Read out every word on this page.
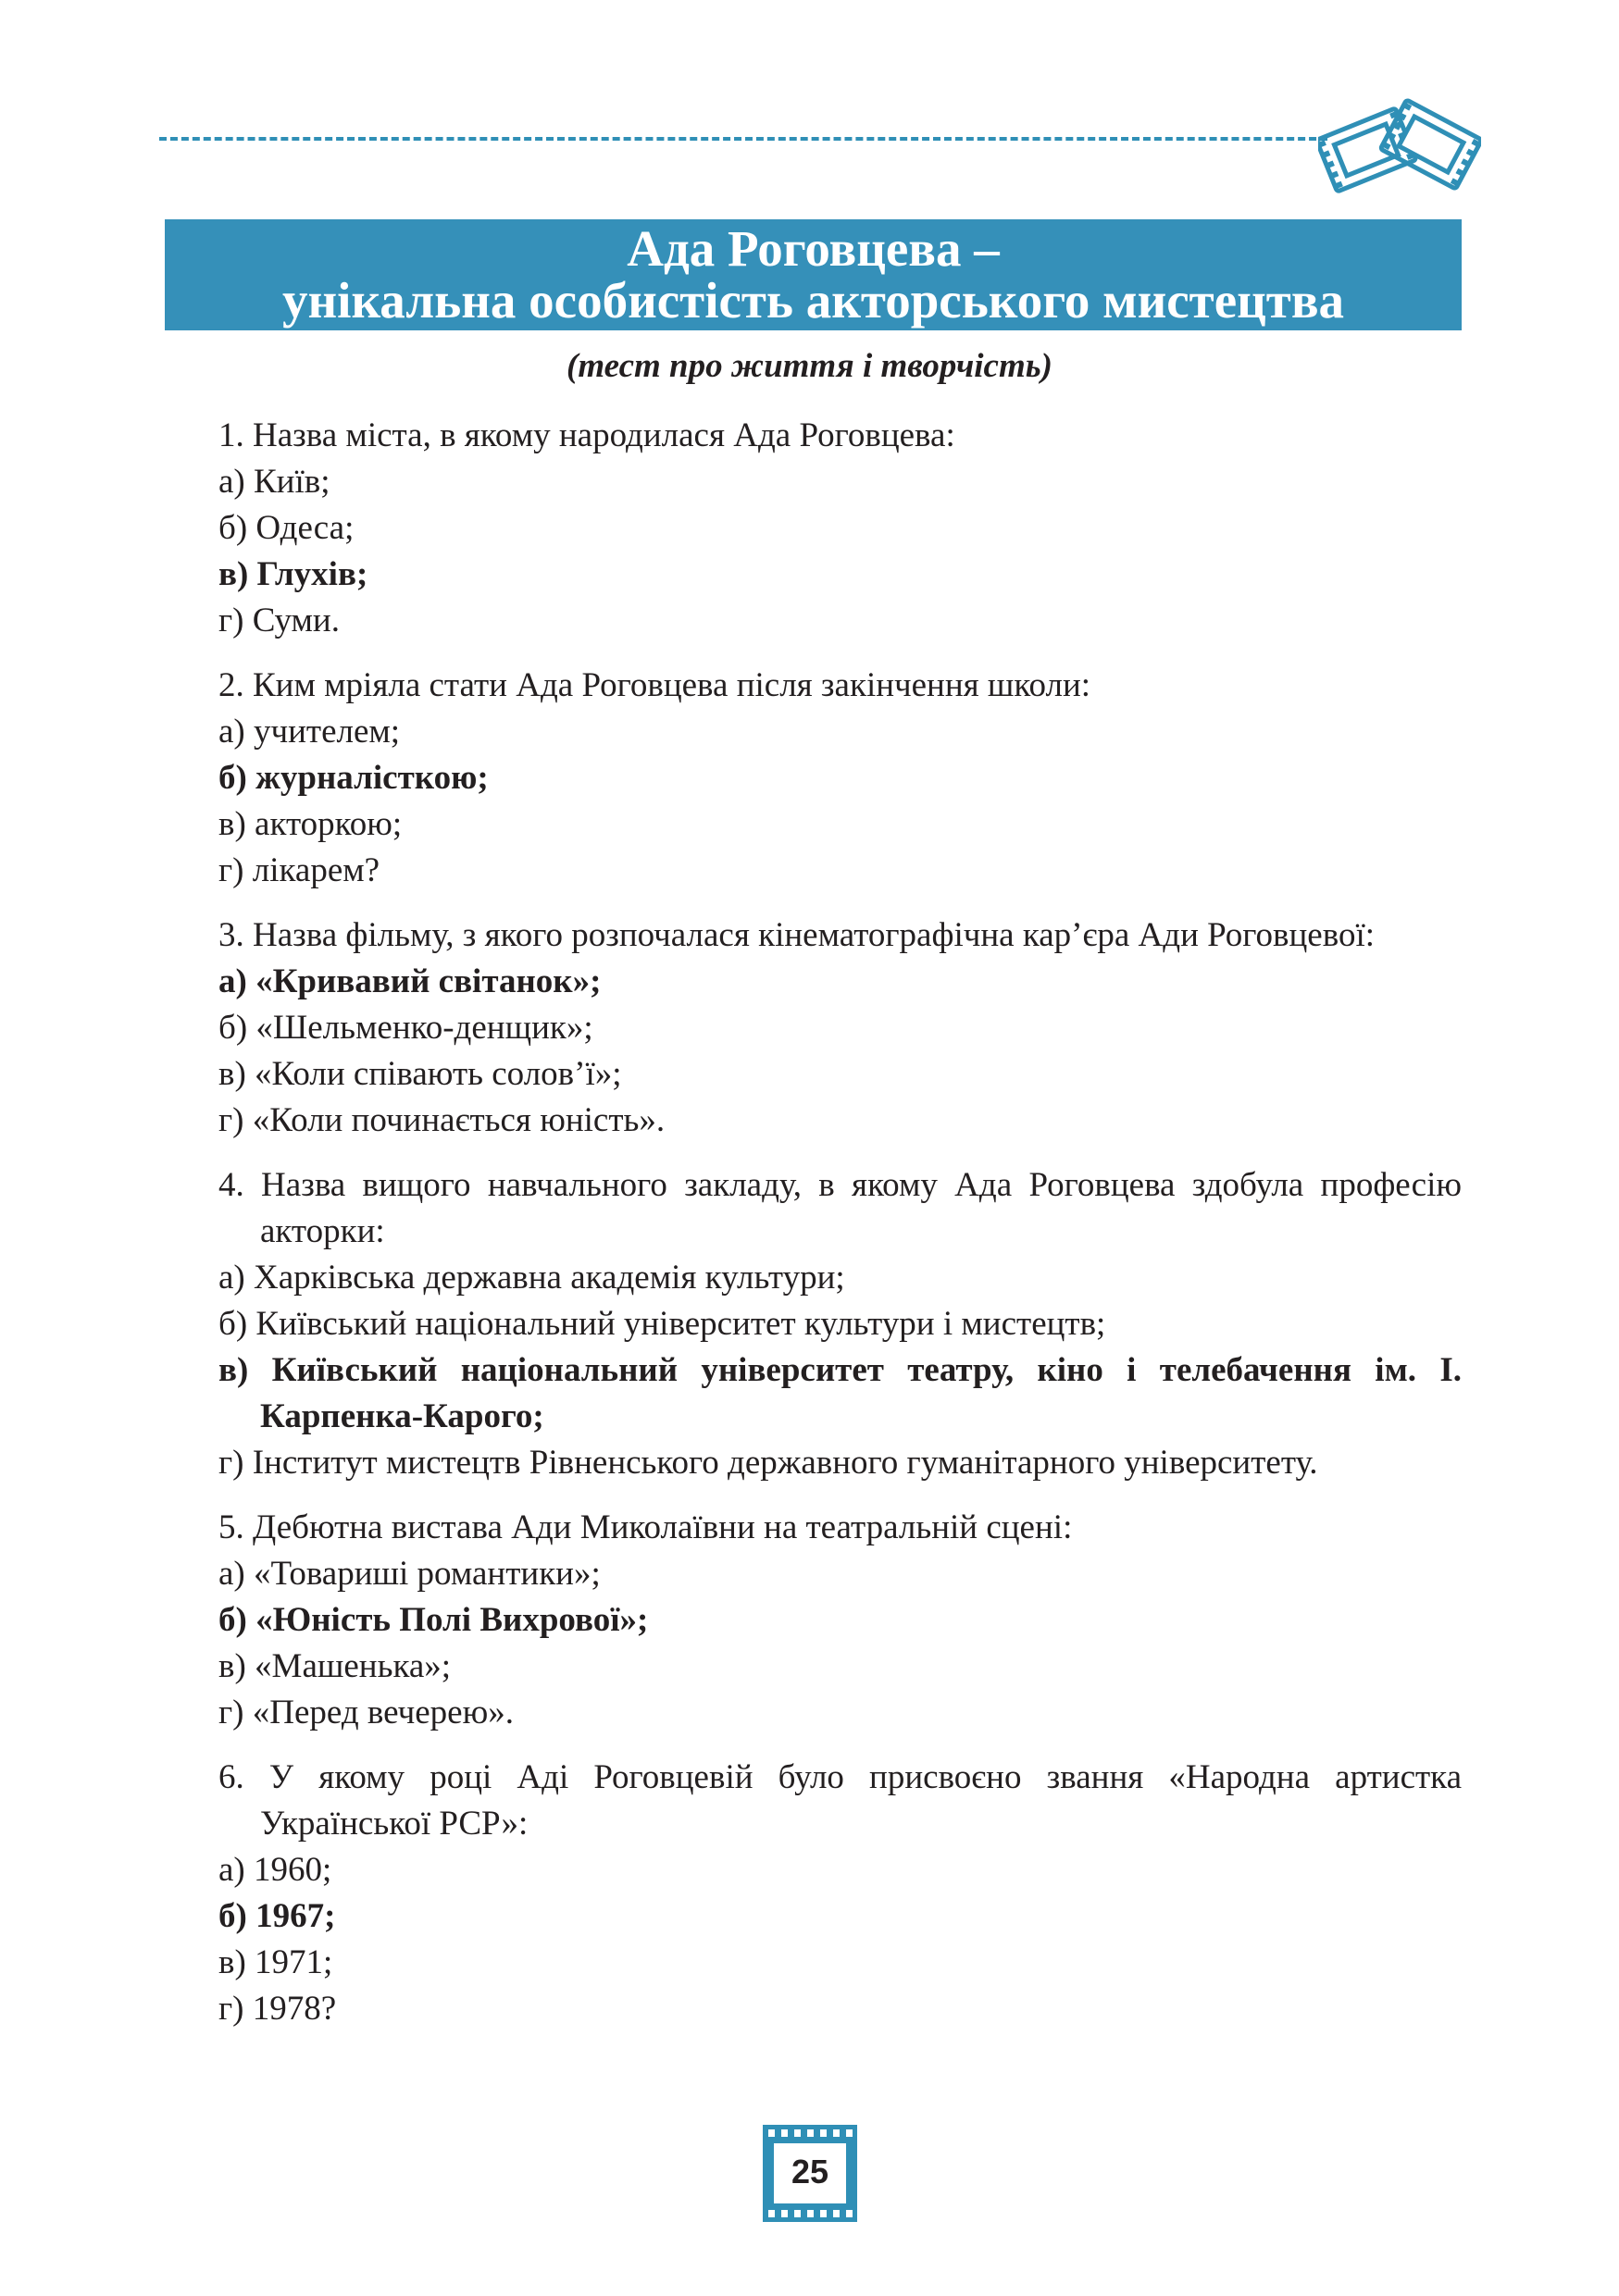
Ада Роговцева –
унікальна особистість акторського мистецтва
(тест про життя і творчість)
1. Назва міста, в якому народилася Ада Роговцева:
а) Київ;
б) Одеса;
в) Глухів;
г) Суми.
2. Ким мріяла стати Ада Роговцева після закінчення школи:
а) учителем;
б) журналісткою;
в) акторкою;
г) лікарем?
3. Назва фільму, з якого розпочалася кінематографічна кар’єра Ади Роговцевої:
а) «Кривавий світанок»;
б) «Шельменко-денщик»;
в) «Коли співають солов’ї»;
г) «Коли починається юність».
4. Назва вищого навчального закладу, в якому Ада Роговцева здобула професію акторки:
а) Харківська державна академія культури;
б) Київський національний університет культури і мистецтв;
в) Київський національний університет театру, кіно і телебачення ім. І. Карпенка-Карого;
г) Інститут мистецтв Рівненського державного гуманітарного університету.
5. Дебютна вистава Ади Миколаївни на театральній сцені:
а) «Товариші романтики»;
б) «Юність Полі Вихрової»;
в) «Машенька»;
г) «Перед вечерею».
6. У якому році Аді Роговцевій було присвоєно звання «Народна артистка Української РСР»:
а) 1960;
б) 1967;
в) 1971;
г) 1978?
25
